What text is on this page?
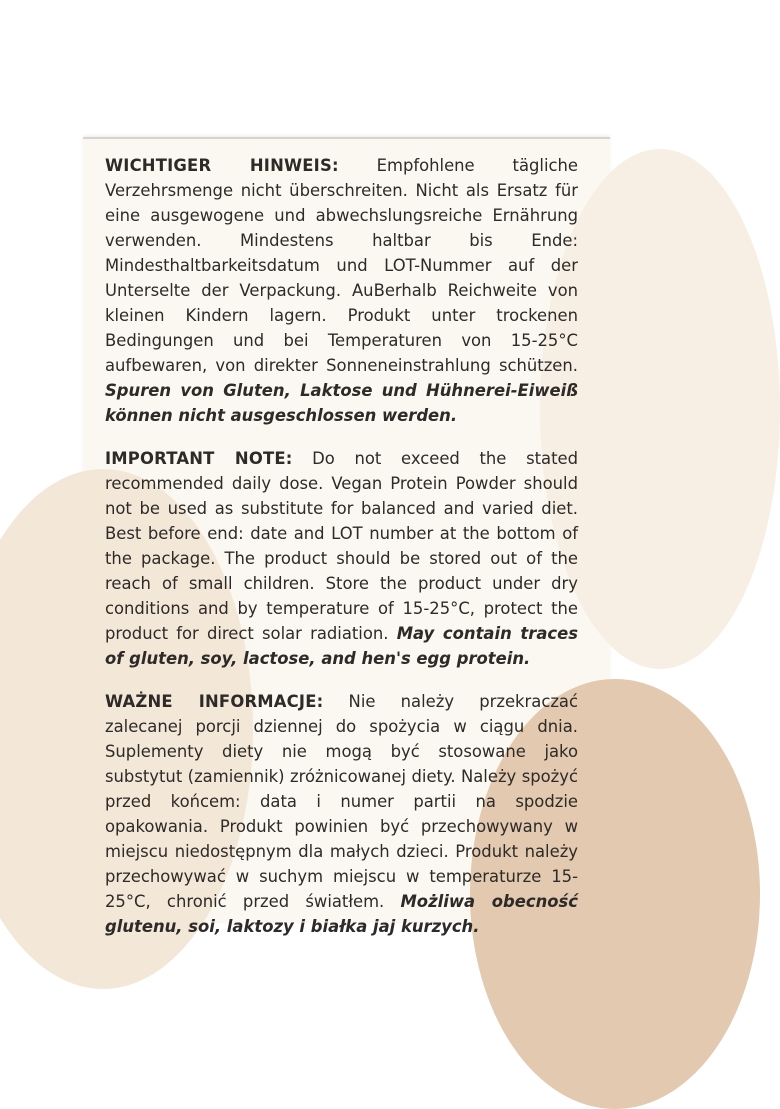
WICHTIGER HINWEIS: Empfohlene tägliche Verzehrsmenge nicht überschreiten. Nicht als Ersatz für eine ausgewogene und abwechslungsreiche Ernährung verwenden. Mindestens haltbar bis Ende: Mindesthaltbarkeitsdatum und LOT-Nummer auf der Unterselte der Verpackung. AuBerhalb Reichweite von kleinen Kindern lagern. Produkt unter trockenen Bedingungen und bei Temperaturen von 15-25°C aufbewaren, von direkter Sonneneinstrahlung schützen. Spuren von Gluten, Laktose und Hühnerei-Eiweiß können nicht ausgeschlossen werden.

IMPORTANT NOTE: Do not exceed the stated recommended daily dose. Vegan Protein Powder should not be used as substitute for balanced and varied diet. Best before end: date and LOT number at the bottom of the package. The product should be stored out of the reach of small children. Store the product under dry conditions and by temperature of 15-25°C, protect the product for direct solar radiation. May contain traces of gluten, soy, lactose, and hen's egg protein.

WAŻNE INFORMACJE: Nie należy przekraczać zalecanej porcji dziennej do spożycia w ciągu dnia. Suplementy diety nie mogą być stosowane jako substytut (zamiennik) zróżnicowanej diety. Należy spożyć przed końcem: data i numer partii na spodzie opakowania. Produkt powinien być przechowywany w miejscu niedostępnym dla małych dzieci. Produkt należy przechowywać w suchym miejscu w temperaturze 15-25°C, chronić przed światłem. Możliwa obecność glutenu, soi, laktozy i białka jaj kurzych.
